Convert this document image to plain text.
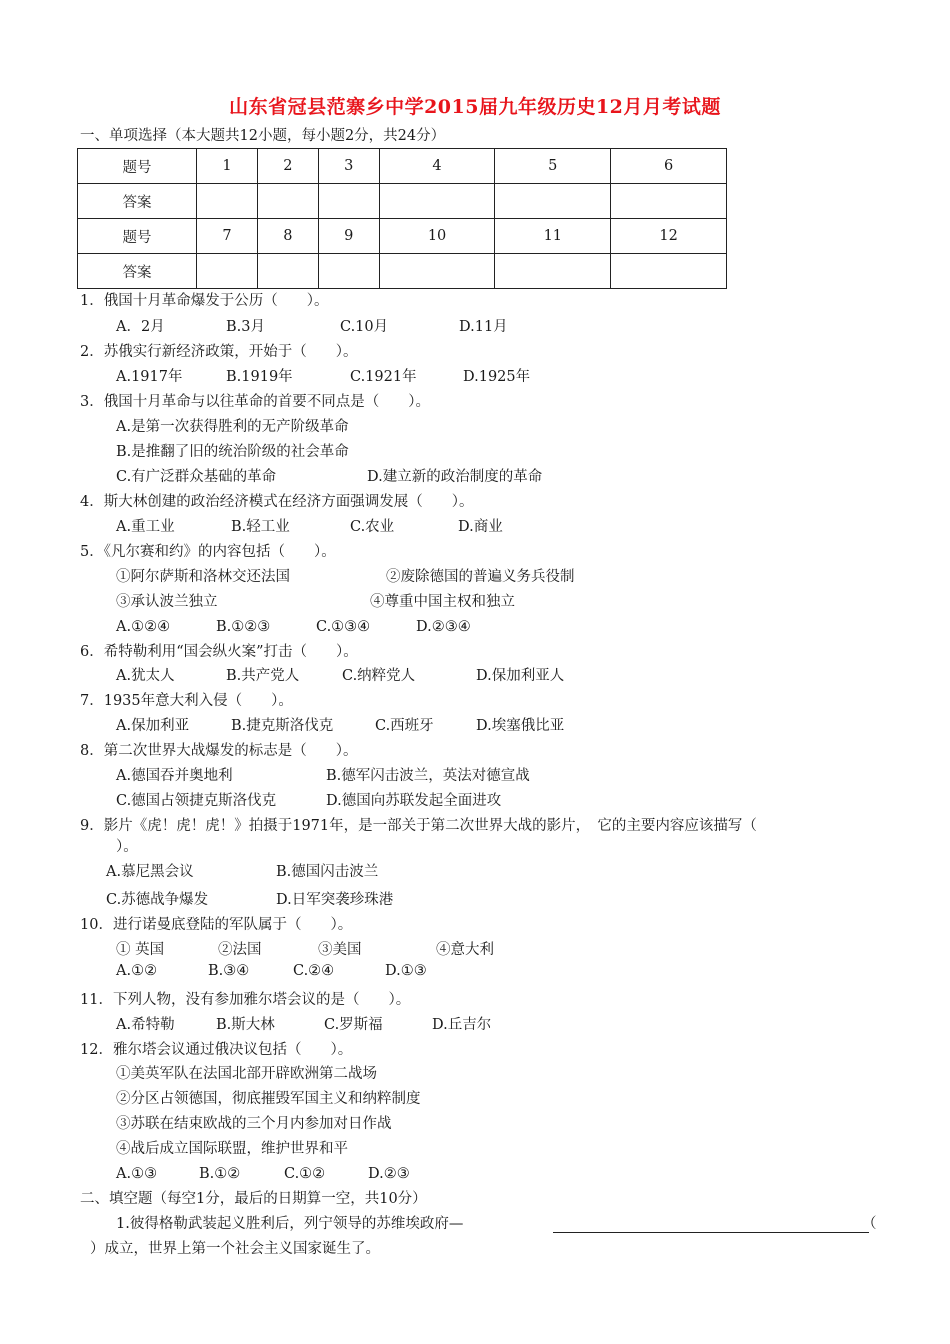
山东省冠县范寨乡中学2015届九年级历史12月月考试题
一、单项选择（本大题共12小题，每小题2分，共24分）
题号	1	2	3	4	5	6
答案						
题号	7	8	9	10	11	12
答案						
1．俄国十月革命爆发于公历（　　）。
A．2月	B.3月	C.10月	D.11月
2．苏俄实行新经济政策，开始于（　　）。
A.1917年	B.1919年	C.1921年	D.1925年
3．俄国十月革命与以往革命的首要不同点是（　　）。
A.是第一次获得胜利的无产阶级革命
B.是推翻了旧的统治阶级的社会革命
C.有广泛群众基础的革命	D.建立新的政治制度的革命
4．斯大林创建的政治经济模式在经济方面强调发展（　　）。
A.重工业	B.轻工业	C.农业	D.商业
5．《凡尔赛和约》的内容包括（　　）。
①阿尔萨斯和洛林交还法国	②废除德国的普遍义务兵役制
③承认波兰独立	④尊重中国主权和独立
A.①②④	B.①②③	C.①③④	D.②③④
6．希特勒利用“国会纵火案”打击（　　）。
A.犹太人	B.共产党人	C.纳粹党人	D.保加利亚人
7．1935年意大利入侵（　　）。
A.保加利亚	B.捷克斯洛伐克	C.西班牙	D.埃塞俄比亚
8．第二次世界大战爆发的标志是（　　）。
A.德国吞并奥地利	B.德军闪击波兰，英法对德宣战
C.德国占领捷克斯洛伐克	D.德国向苏联发起全面进攻
9．影片《虎！虎！虎！》拍摄于1971年，是一部关于第二次世界大战的影片，　它的主要内容应该描写（
）。
A.慕尼黑会议	B.德国闪击波兰
C.苏德战争爆发	D.日军突袭珍珠港
10．进行诺曼底登陆的军队属于（　　）。
① 英国	②法国	③美国	④意大利
A.①②	B.③④	C.②④	D.①③
11．下列人物，没有参加雅尔塔会议的是（　　）。
A.希特勒	B.斯大林	C.罗斯福	D.丘吉尔
12．雅尔塔会议通过俄决议包括（　　）。
①美英军队在法国北部开辟欧洲第二战场
②分区占领德国，彻底摧毁军国主义和纳粹制度
③苏联在结束欧战的三个月内参加对日作战
④战后成立国际联盟，维护世界和平
A.①③	B.①②	C.①②	D.②③
二、填空题（每空1分，最后的日期算一空，共10分）
1.彼得格勒武装起义胜利后，列宁领导的苏维埃政府—	（
）成立，世界上第一个社会主义国家诞生了。
